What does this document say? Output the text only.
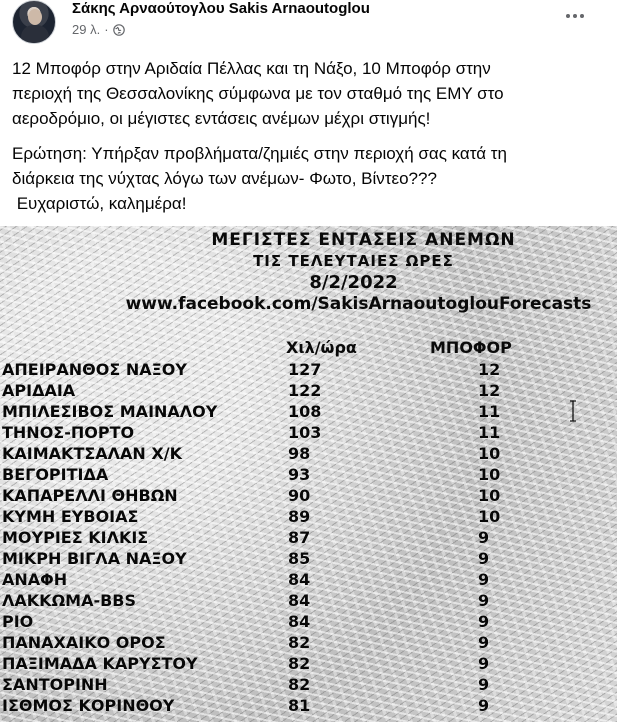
Σάκης Αρναούτογλου Sakis Arnaoutoglou
29 λ. ·

12 Μποφόρ στην Αριδαία Πέλλας και τη Νάξο, 10 Μποφόρ στην
περιοχή της Θεσσαλονίκης σύμφωνα με τον σταθμό της ΕΜΥ στο
αεροδρόμιο, οι μέγιστες εντάσεις ανέμων μέχρι στιγμής!

Ερώτηση: Υπήρξαν προβλήματα/ζημιές στην περιοχή σας κατά τη
διάρκεια της νύχτας λόγω των ανέμων- Φωτο, Βίντεο???
Ευχαριστώ, καλημέρα!

ΜΕΓΙΣΤΕΣ ΕΝΤΑΣΕΙΣ ΑΝΕΜΩΝ
ΤΙΣ ΤΕΛΕΥΤΑΙΕΣ ΩΡΕΣ
8/2/2022
www.facebook.com/SakisArnaoutoglouForecasts
Χιλ/ώρα	ΜΠΟΦΟΡ
ΑΠΕΙΡΑΝΘΟΣ ΝΑΞΟΥ	127	12
ΑΡΙΔΑΙΑ	122	12
ΜΠΙΛΕΣΙΒΟΣ ΜΑΙΝΑΛΟΥ	108	11
ΤΗΝΟΣ-ΠΟΡΤΟ	103	11
ΚΑΙΜΑΚΤΣΑΛΑΝ Χ/Κ	98	10
ΒΕΓΟΡΙΤΙΔΑ	93	10
ΚΑΠΑΡΕΛΛΙ ΘΗΒΩΝ	90	10
ΚΥΜΗ ΕΥΒΟΙΑΣ	89	10
ΜΟΥΡΙΕΣ ΚΙΛΚΙΣ	87	9
ΜΙΚΡΗ ΒΙΓΛΑ ΝΑΞΟΥ	85	9
ΑΝΑΦΗ	84	9
ΛΑΚΚΩΜΑ-BBS	84	9
ΡΙΟ	84	9
ΠΑΝΑΧΑΙΚΟ ΟΡΟΣ	82	9
ΠΑΞΙΜΑΔΑ ΚΑΡΥΣΤΟΥ	82	9
ΣΑΝΤΟΡΙΝΗ	82	9
ΙΣΘΜΟΣ ΚΟΡΙΝΘΟΥ	81	9
